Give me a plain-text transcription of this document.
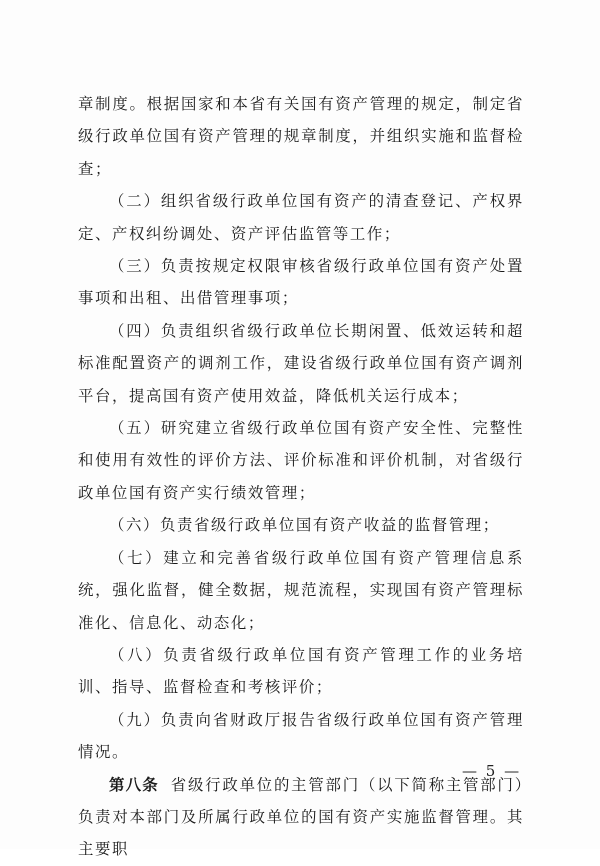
章制度。根据国家和本省有关国有资产管理的规定，制定省级行政单位国有资产管理的规章制度，并组织实施和监督检查；

（二）组织省级行政单位国有资产的清查登记、产权界定、产权纠纷调处、资产评估监管等工作；

（三）负责按规定权限审核省级行政单位国有资产处置事项和出租、出借管理事项；

（四）负责组织省级行政单位长期闲置、低效运转和超标准配置资产的调剂工作，建设省级行政单位国有资产调剂平台，提高国有资产使用效益，降低机关运行成本；

（五）研究建立省级行政单位国有资产安全性、完整性和使用有效性的评价方法、评价标准和评价机制，对省级行政单位国有资产实行绩效管理；

（六）负责省级行政单位国有资产收益的监督管理；

（七）建立和完善省级行政单位国有资产管理信息系统，强化监督，健全数据，规范流程，实现国有资产管理标准化、信息化、动态化；

（八）负责省级行政单位国有资产管理工作的业务培训、指导、监督检查和考核评价；

（九）负责向省财政厅报告省级行政单位国有资产管理情况。

第八条 省级行政单位的主管部门（以下简称主管部门）负责对本部门及所属行政单位的国有资产实施监督管理。其主要职

— 5 —
